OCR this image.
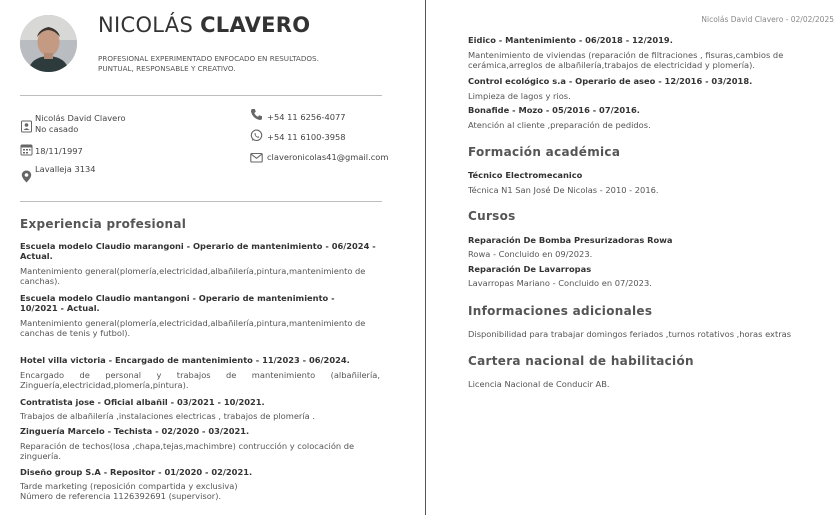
NICOLÁS CLAVERO
PROFESIONAL EXPERIMENTADO ENFOCADO EN RESULTADOS. PUNTUAL, RESPONSABLE Y CREATIVO.
Nicolás David Clavero
No casado
18/11/1997
Lavalleja 3134
+54 11 6256-4077
+54 11 6100-3958
claveronicolas41@gmail.com
Experiencia profesional
Escuela modelo Claudio marangoni - Operario de mantenimiento - 06/2024 - Actual.
Mantenimiento general(plomería,electricidad,albañilería,pintura,mantenimiento de canchas).
Escuela modelo Claudio mantangoni - Operario de mantenimiento - 10/2021 - Actual.
Mantenimiento general(plomería,electricidad,albañilería,pintura,mantenimiento de canchas de tenis y futbol).
Hotel villa victoria - Encargado de mantenimiento - 11/2023 - 06/2024.
Encargado de personal y trabajos de mantenimiento (albañilería, Zinguería,electricidad,plomería,pintura).
Contratista jose - Oficial albañil - 03/2021 - 10/2021.
Trabajos de albañilería ,instalaciones electricas , trabajos de plomería .
Zinguería Marcelo - Techista - 02/2020 - 03/2021.
Reparación de techos(losa ,chapa,tejas,machimbre) contrucción y colocación de zinguería.
Diseño group S.A - Repositor - 01/2020 - 02/2021.
Tarde marketing (reposición compartida y exclusiva)
Número de referencia 1126392691 (supervisor).
Nicolás David Clavero - 02/02/2025
Eidico - Mantenimiento - 06/2018 - 12/2019.
Mantenimiento de viviendas (reparación de filtraciones , fisuras,cambios de cerámica,arreglos de albañilería,trabajos de electricidad y plomería).
Control ecológico s.a - Operario de aseo - 12/2016 - 03/2018.
Limpieza de lagos y rios.
Bonafide - Mozo - 05/2016 - 07/2016.
Atención al cliente ,preparación de pedidos.
Formación académica
Técnico Electromecanico
Técnica N1 San José De Nicolas - 2010 - 2016.
Cursos
Reparación De Bomba Presurizadoras Rowa
Rowa - Concluido en 09/2023.
Reparación De Lavarropas
Lavarropas Mariano - Concluido en 07/2023.
Informaciones adicionales
Disponibilidad para trabajar domingos feriados ,turnos rotativos ,horas extras
Cartera nacional de habilitación
Licencia Nacional de Conducir AB.
